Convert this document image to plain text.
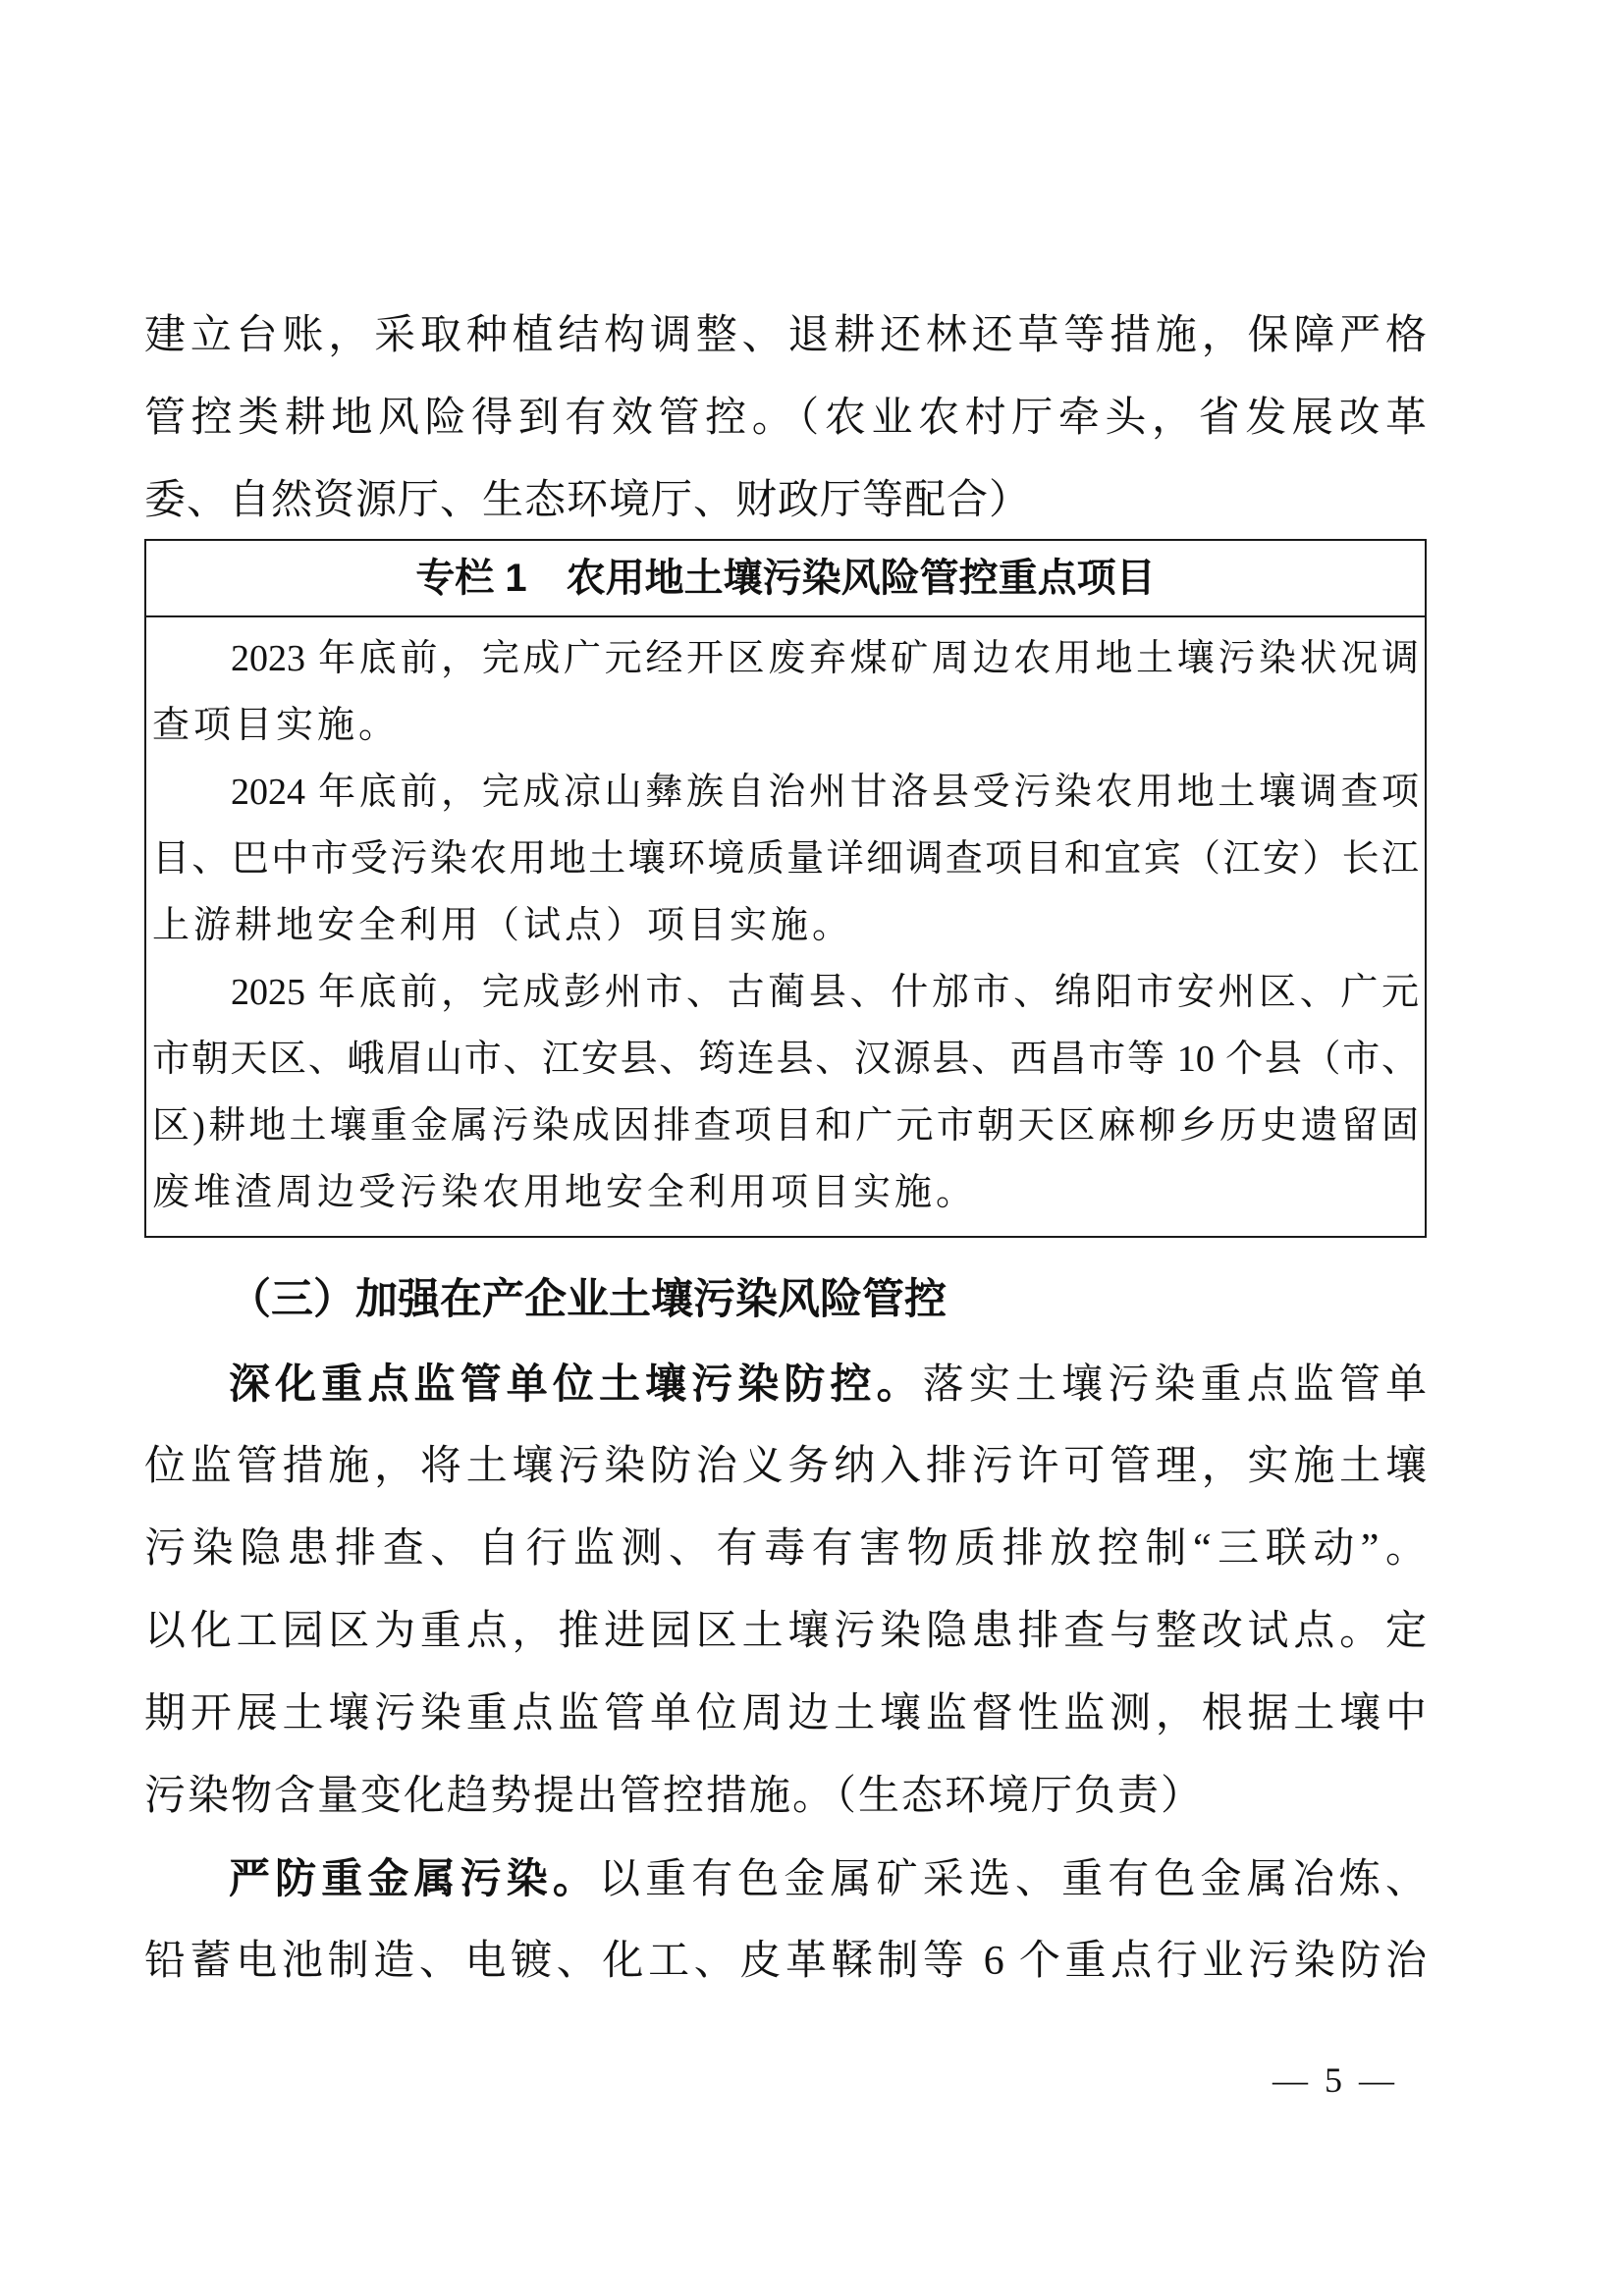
建立台账，采取种植结构调整、退耕还林还草等措施，保障严格
管控类耕地风险得到有效管控。（农业农村厅牵头，省发展改革
委、自然资源厅、生态环境厅、财政厅等配合）
专栏 1　农用地土壤污染风险管控重点项目
2023 年底前，完成广元经开区废弃煤矿周边农用地土壤污染状况调
查项目实施。
2024 年底前，完成凉山彝族自治州甘洛县受污染农用地土壤调查项
目、巴中市受污染农用地土壤环境质量详细调查项目和宜宾（江安）长江
上游耕地安全利用（试点）项目实施。
2025 年底前，完成彭州市、古蔺县、什邡市、绵阳市安州区、广元
市朝天区、峨眉山市、江安县、筠连县、汉源县、西昌市等 10 个县（市、
区)耕地土壤重金属污染成因排查项目和广元市朝天区麻柳乡历史遗留固
废堆渣周边受污染农用地安全利用项目实施。
（三）加强在产企业土壤污染风险管控
深化重点监管单位土壤污染防控。落实土壤污染重点监管单
位监管措施，将土壤污染防治义务纳入排污许可管理，实施土壤
污染隐患排查、自行监测、有毒有害物质排放控制“三联动”。
以化工园区为重点，推进园区土壤污染隐患排查与整改试点。定
期开展土壤污染重点监管单位周边土壤监督性监测，根据土壤中
污染物含量变化趋势提出管控措施。（生态环境厅负责）
严防重金属污染。以重有色金属矿采选、重有色金属冶炼、
铅蓄电池制造、电镀、化工、皮革鞣制等 6 个重点行业污染防治
— 5 —
